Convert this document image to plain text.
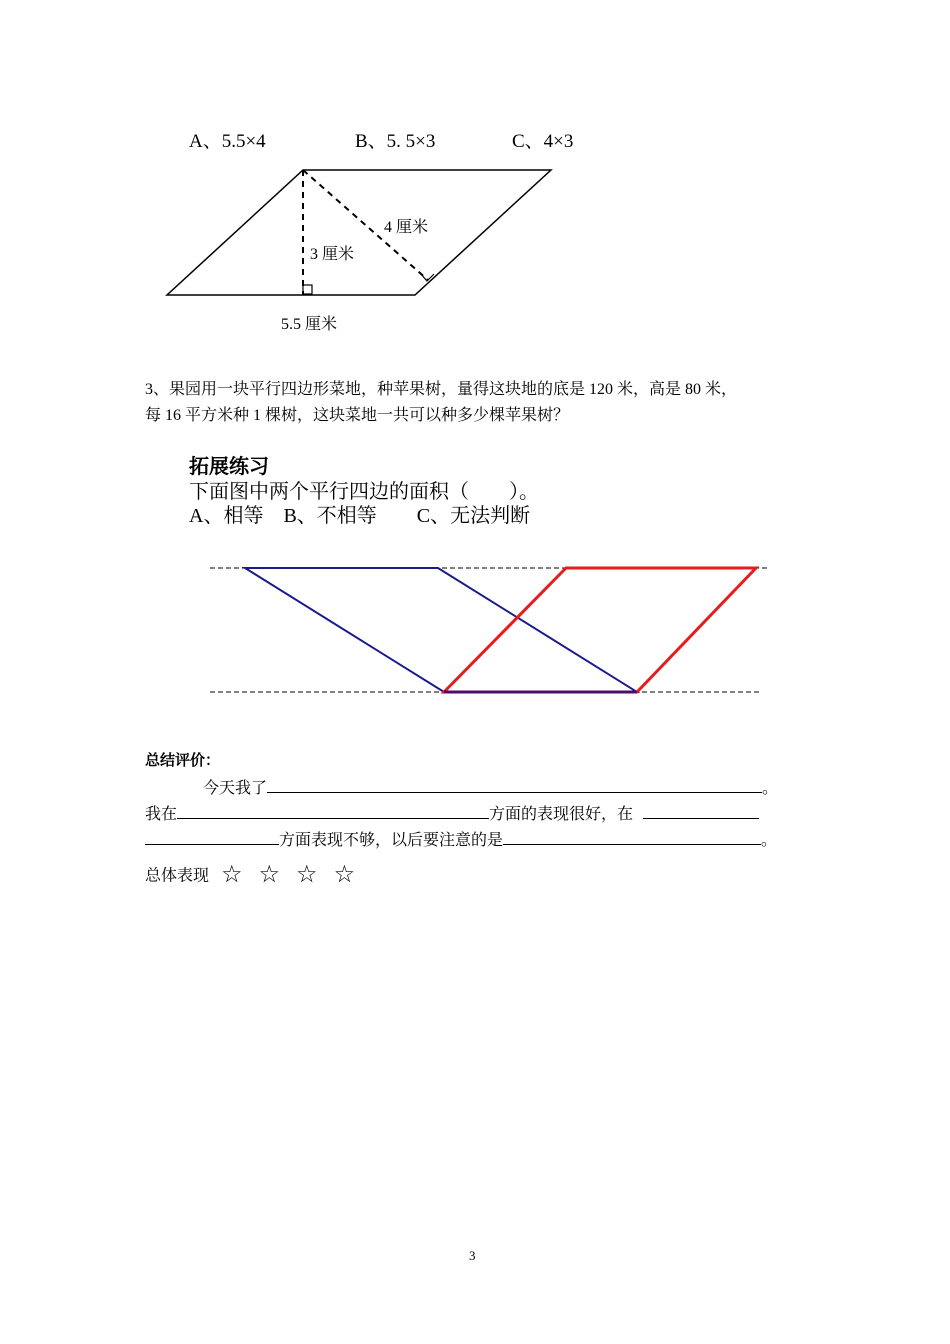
A、5.5×4	B、5. 5×3	C、4×3
4 厘米
3 厘米
5.5 厘米
3、果园用一块平行四边形菜地，种苹果树，量得这块地的底是 120 米，高是 80 米，
每 16 平方米种 1 棵树，这块菜地一共可以种多少棵苹果树？
拓展练习
下面图中两个平行四边的面积（　　）。
A、相等　B、不相等　　C、无法判断
总结评价：
今天我了	。
我在	方面的表现很好，在
方面表现不够，以后要注意的是	。
总体表现 ☆ ☆ ☆ ☆
3
